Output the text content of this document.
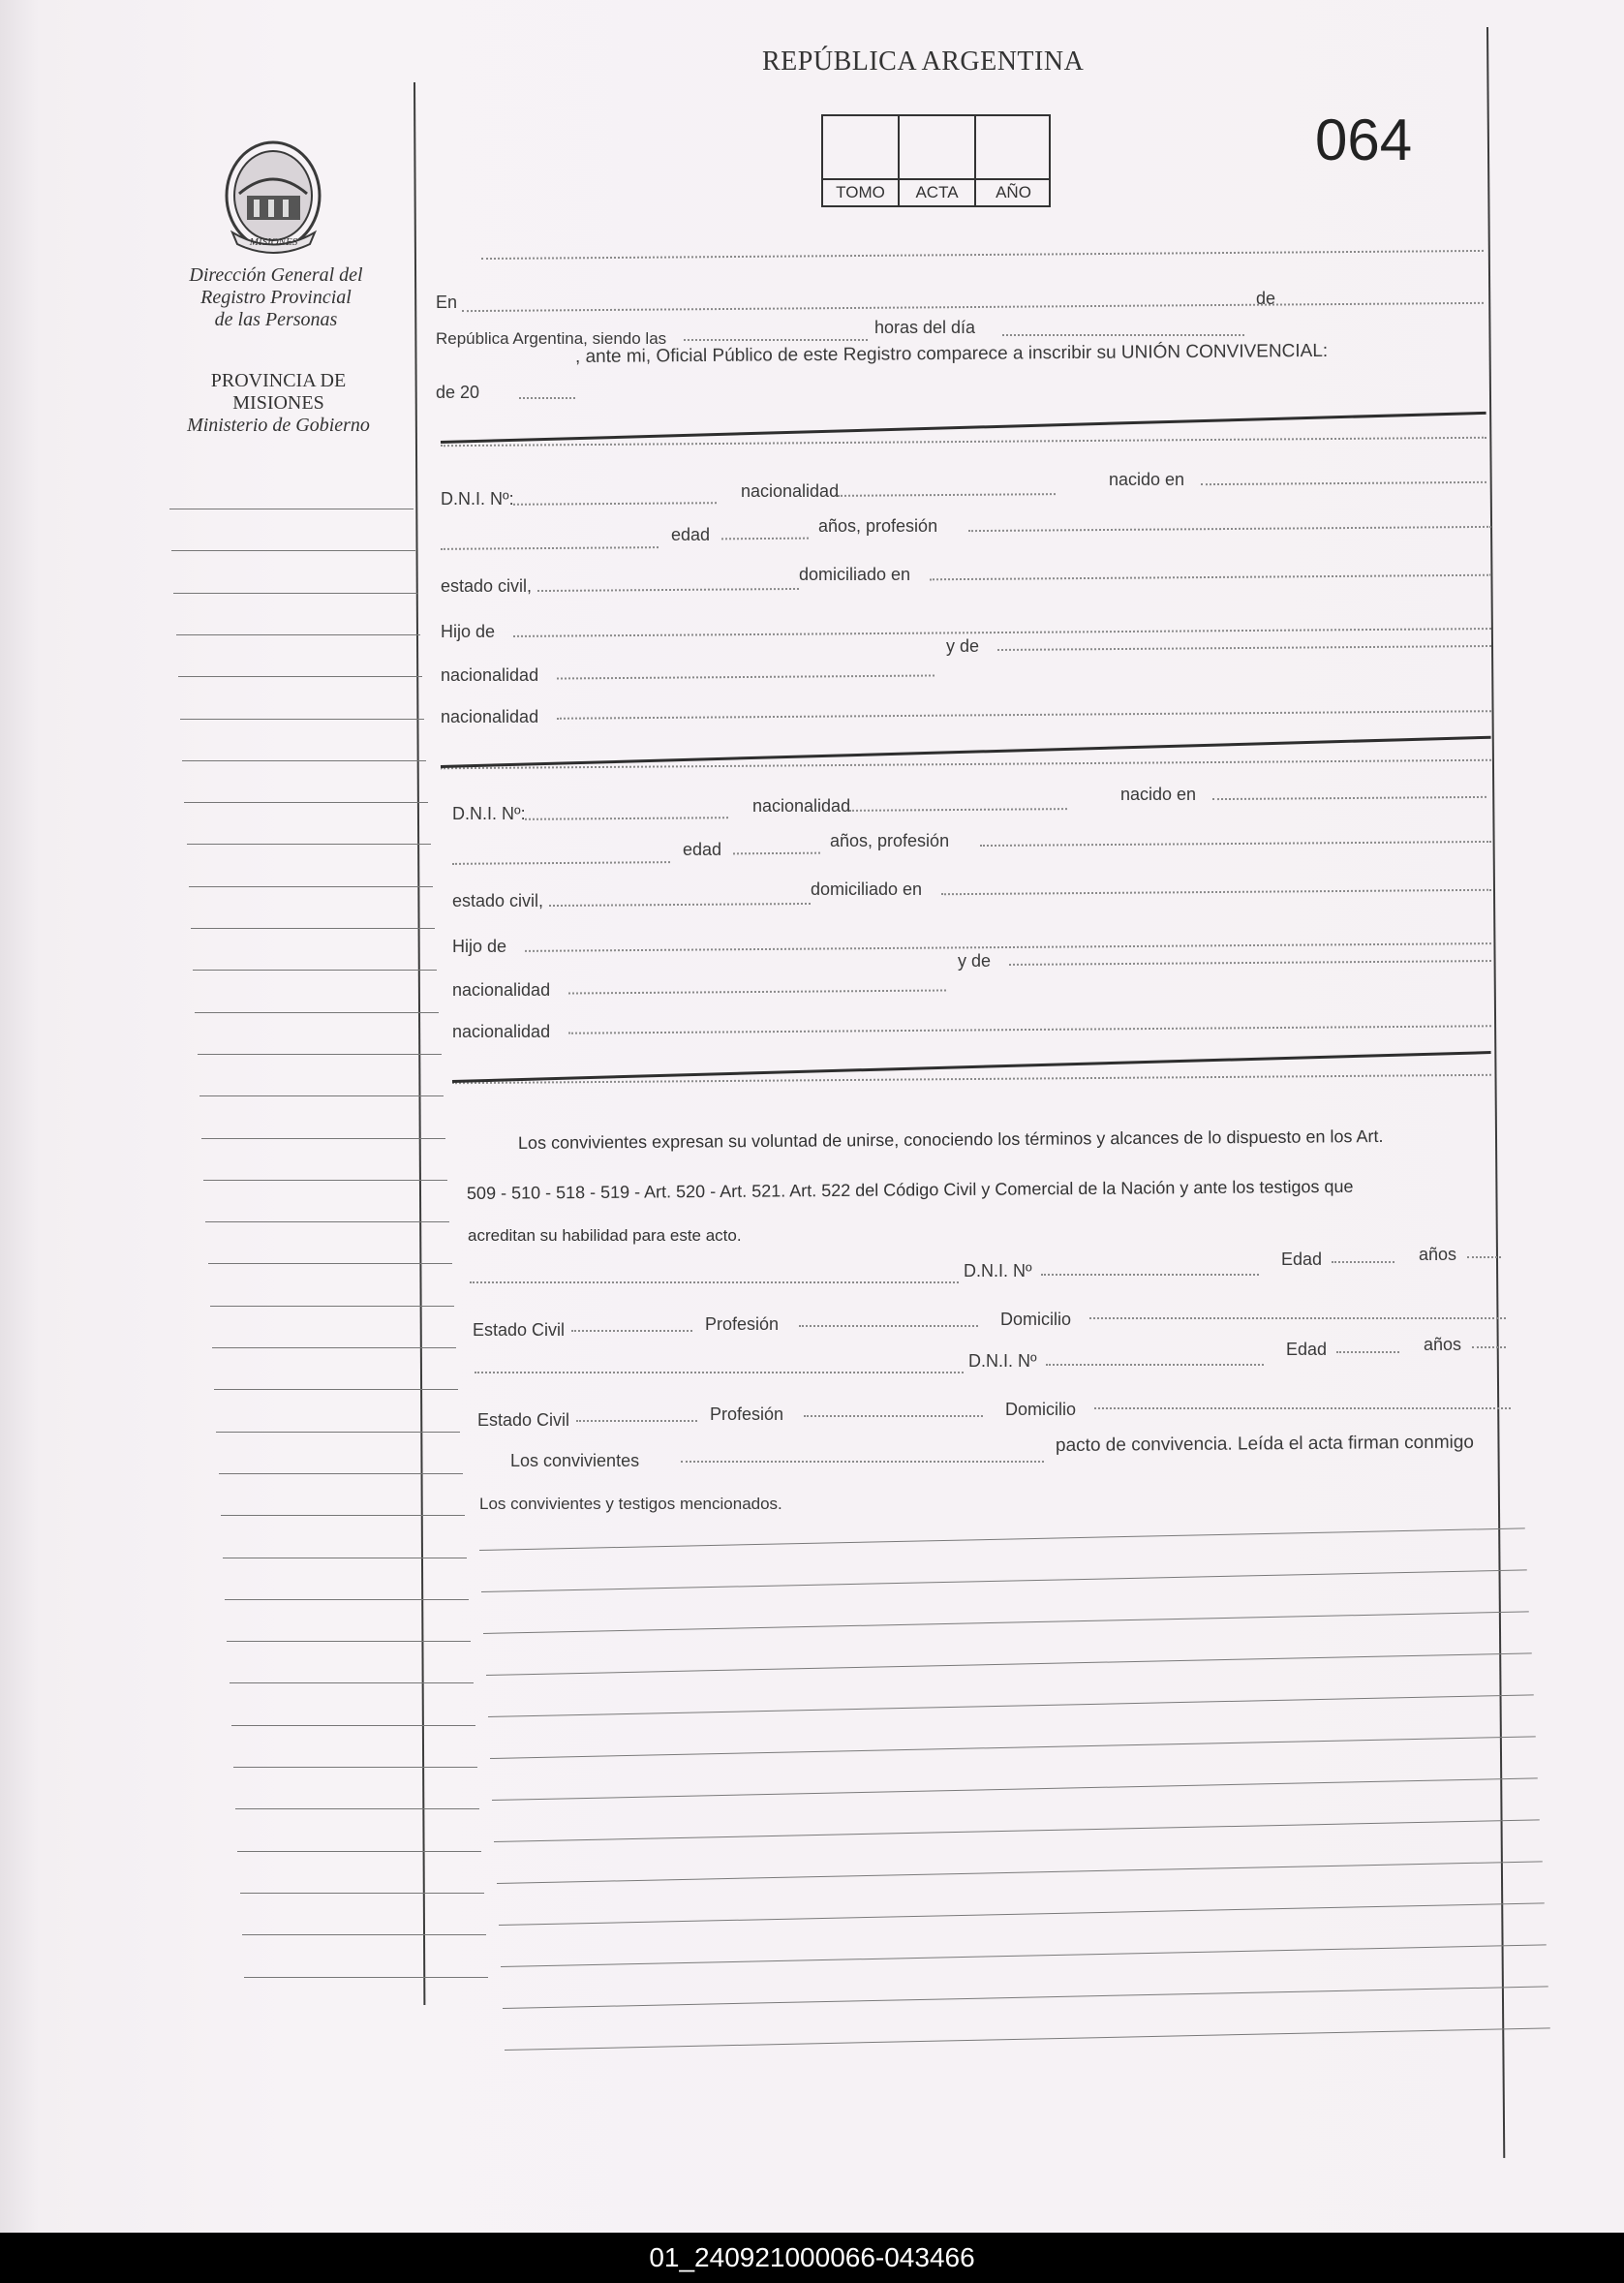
REPÚBLICA ARGENTINA
064
TOMO	ACTA	AÑO
MISIONES
Dirección General del
Registro Provincial
de las Personas
PROVINCIA DE
MISIONES
Ministerio de Gobierno
En	de
República Argentina, siendo las
horas del día
de 20
, ante mi, Oficial Público de este Registro comparece a inscribir su UNIÓN CONVIVENCIAL:
D.N.I. Nº:	nacionalidad
nacido en
edad	años, profesión
estado civil,
domiciliado en
Hijo de
nacionalidad
y de
nacionalidad
D.N.I. Nº:	nacionalidad
nacido en
edad	años, profesión
estado civil,
domiciliado en
Hijo de
nacionalidad
y de
nacionalidad
Los convivientes expresan su voluntad de unirse, conociendo los términos y alcances de lo dispuesto en los Art.
509 - 510 - 518 - 519 - Art. 520 - Art. 521. Art. 522 del Código Civil y Comercial de la Nación y ante los testigos que
acreditan su habilidad para este acto.
D.N.I. Nº
Edad	años
Estado Civil	Profesión	Domicilio
D.N.I. Nº
Edad	años
Estado Civil	Profesión	Domicilio
Los convivientes
pacto de convivencia. Leída el acta firman conmigo
Los convivientes y testigos mencionados.
01_240921000066-043466
